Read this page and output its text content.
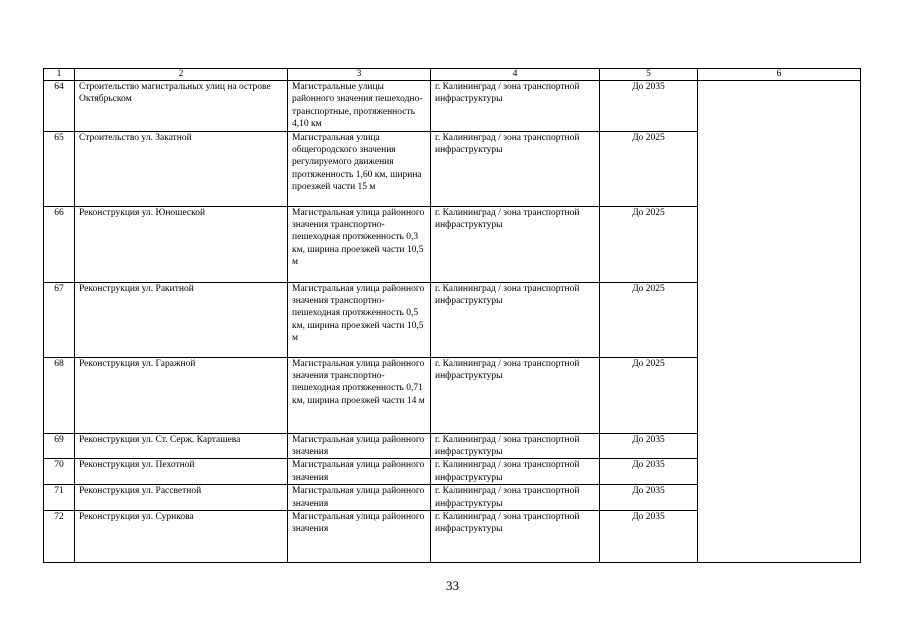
1	2	3	4	5	6
64	Строительство магистральных улиц на острове Октябрьском	Магистральные улицы районного значения пешеходно-транспортные, протяженность 4,10 км	г. Калининград / зона транспортной инфраструктуры	До 2035	
65	Строительство ул. Закатной	Магистральная улица общегородского значения регулируемого движения протяженность 1,60 км, ширина проезжей части 15 м	г. Калининград / зона транспортной инфраструктуры	До 2025	
66	Реконструкция ул. Юношеской	Магистральная улица районного значения транспортно-пешеходная протяженность 0,3 км, ширина проезжей части 10,5 м	г. Калининград / зона транспортной инфраструктуры	До 2025	
67	Реконструкция ул. Ракитной	Магистральная улица районного значения транспортно-пешеходная протяженность 0,5 км, ширина проезжей части 10,5 м	г. Калининград / зона транспортной инфраструктуры	До 2025	
68	Реконструкция ул. Гаражной	Магистральная улица районного значения транспортно-пешеходная протяженность 0,71 км, ширина проезжей части 14 м	г. Калининград / зона транспортной инфраструктуры	До 2025	
69	Реконструкция ул. Ст. Серж. Карташева	Магистральная улица районного значения	г. Калининград / зона транспортной инфраструктуры	До 2035	
70	Реконструкция ул. Пехотной	Магистральная улица районного значения	г. Калининград / зона транспортной инфраструктуры	До 2035	
71	Реконструкция ул. Рассветной	Магистральная улица районного значения	г. Калининград / зона транспортной инфраструктуры	До 2035	
72	Реконструкция ул. Сурикова	Магистральная улица районного значения	г. Калининград / зона транспортной инфраструктуры	До 2035	
33
